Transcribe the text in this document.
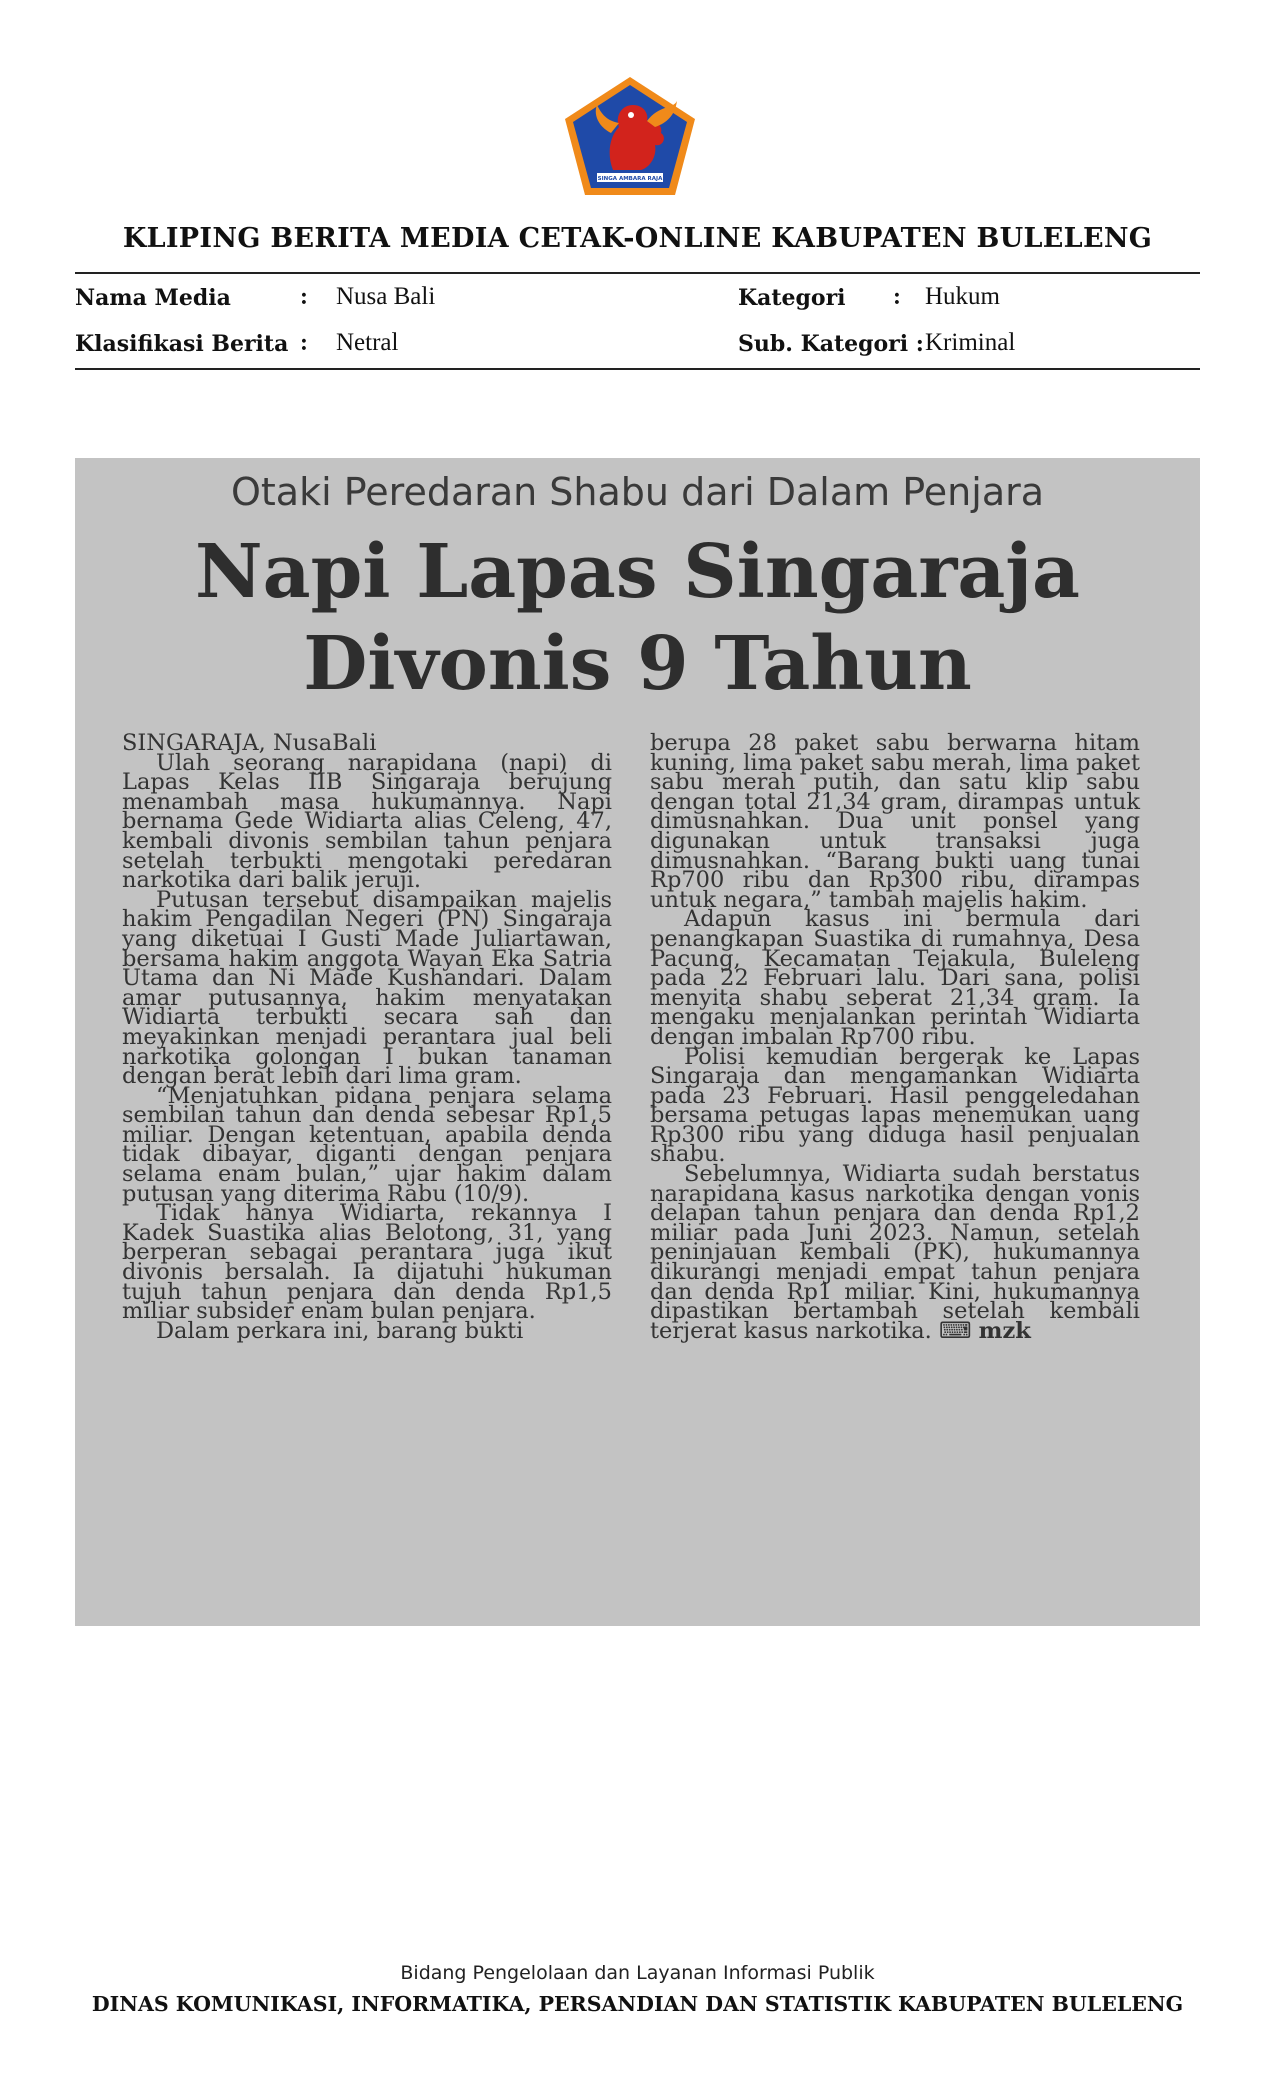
SINGA AMBARA RAJA
KLIPING BERITA MEDIA CETAK-ONLINE KABUPATEN BULELENG
Nama Media	: Nusa Bali
Klasifikasi Berita : Netral
Kategori : Hukum
Sub. Kategori : Kriminal
Otaki Peredaran Shabu dari Dalam Penjara
Napi Lapas Singaraja
Divonis 9 Tahun
SINGARAJA, NusaBali

Ulah seorang narapidana (napi) di Lapas Kelas IIB Singaraja berujung menambah masa hukumannya. Napi bernama Gede Widiarta alias Celeng, 47, kembali divonis sembilan tahun penjara setelah terbukti mengotaki peredaran narkotika dari balik jeruji.

Putusan tersebut disampaikan majelis hakim Pengadilan Negeri (PN) Singaraja yang diketuai I Gusti Made Juliartawan, bersama hakim anggota Wayan Eka Satria Utama dan Ni Made Kushandari. Dalam amar putusannya, hakim menyatakan Widiarta terbukti secara sah dan meyakinkan menjadi perantara jual beli narkotika golongan I bukan tanaman dengan berat lebih dari lima gram.

“Menjatuhkan pidana penjara selama sembilan tahun dan denda sebesar Rp1,5 miliar. Dengan ketentuan, apabila denda tidak dibayar, diganti dengan penjara selama enam bulan,” ujar hakim dalam putusan yang diterima Rabu (10/9).

Tidak hanya Widiarta, rekannya I Kadek Suastika alias Belotong, 31, yang berperan sebagai perantara juga ikut divonis bersalah. Ia dijatuhi hukuman tujuh tahun penjara dan denda Rp1,5 miliar subsider enam bulan penjara.

Dalam perkara ini, barang bukti

berupa 28 paket sabu berwarna hitam kuning, lima paket sabu merah, lima paket sabu merah putih, dan satu klip sabu dengan total 21,34 gram, dirampas untuk dimusnahkan. Dua unit ponsel yang digunakan untuk transaksi juga dimusnahkan. “Barang bukti uang tunai Rp700 ribu dan Rp300 ribu, dirampas untuk negara,” tambah majelis hakim.

Adapun kasus ini bermula dari penangkapan Suastika di rumahnya, Desa Pacung, Kecamatan Tejakula, Buleleng pada 22 Februari lalu. Dari sana, polisi menyita shabu seberat 21,34 gram. Ia mengaku menjalankan perintah Widiarta dengan imbalan Rp700 ribu.

Polisi kemudian bergerak ke Lapas Singaraja dan mengamankan Widiarta pada 23 Februari. Hasil penggeledahan bersama petugas lapas menemukan uang Rp300 ribu yang diduga hasil penjualan shabu.

Sebelumnya, Widiarta sudah berstatus narapidana kasus narkotika dengan vonis delapan tahun penjara dan denda Rp1,2 miliar pada Juni 2023. Namun, setelah peninjauan kembali (PK), hukumannya dikurangi menjadi empat tahun penjara dan denda Rp1 miliar. Kini, hukumannya dipastikan bertambah setelah kembali terjerat kasus narkotika. ⌨ mzk

Bidang Pengelolaan dan Layanan Informasi Publik
DINAS KOMUNIKASI, INFORMATIKA, PERSANDIAN DAN STATISTIK KABUPATEN BULELENG
